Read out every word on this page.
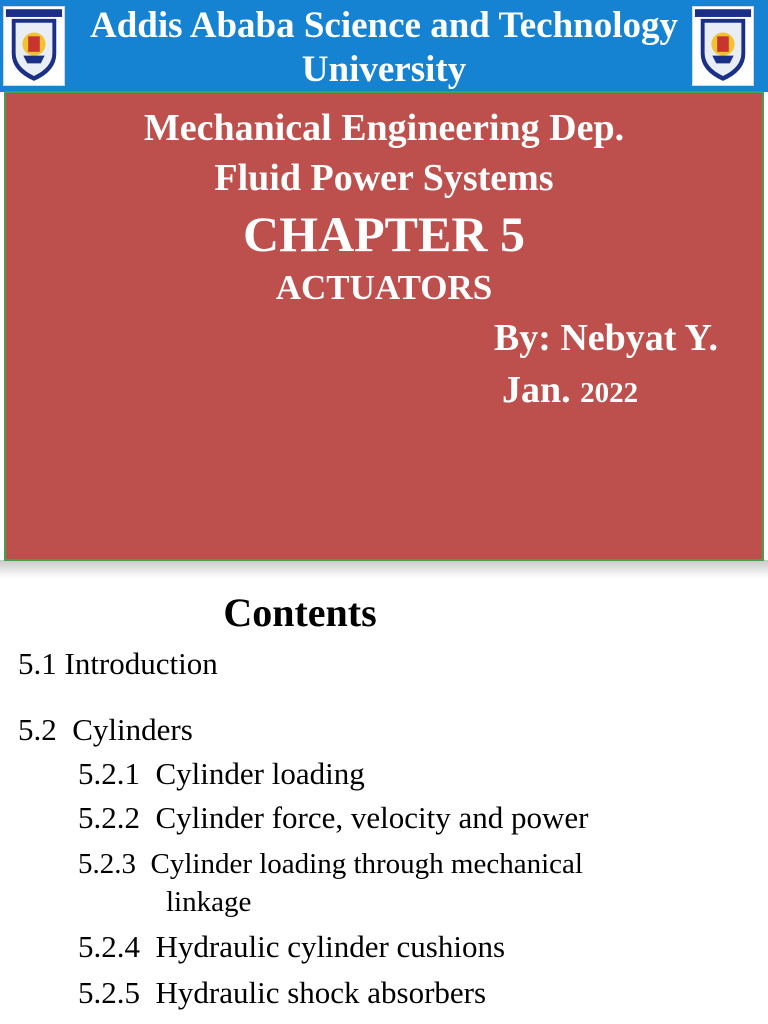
Addis Ababa Science and Technology University
Mechanical Engineering Dep.
Fluid Power Systems
CHAPTER 5
ACTUATORS
By: Nebyat Y.
Jan. 2022
Contents
5.1 Introduction
5.2 Cylinders
5.2.1 Cylinder loading
5.2.2 Cylinder force, velocity and power
5.2.3 Cylinder loading through mechanical
linkage
5.2.4 Hydraulic cylinder cushions
5.2.5 Hydraulic shock absorbers
